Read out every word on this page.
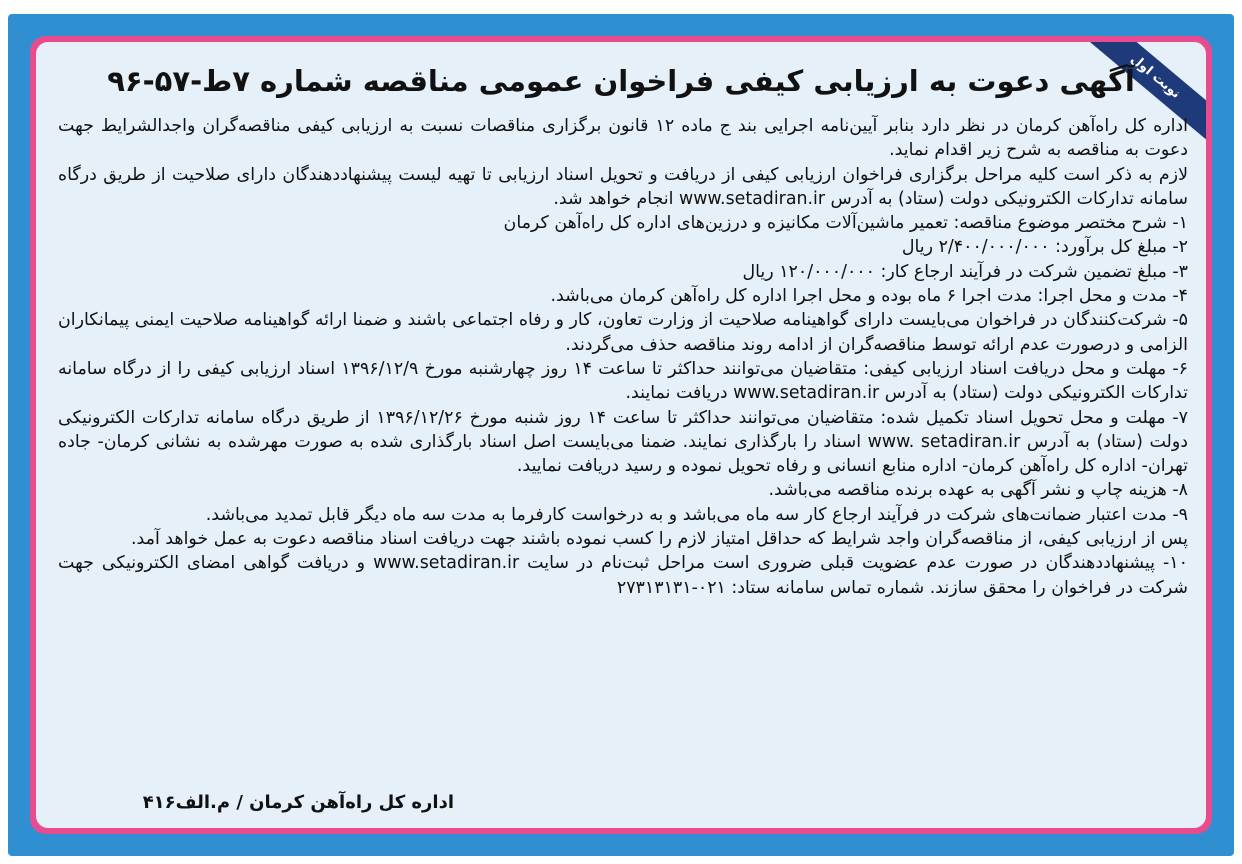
نوبت اول
آگهی دعوت به ارزیابی کیفی فراخوان عمومی مناقصه شماره ۷ط-۵۷-۹۶

اداره کل راه‌آهن کرمان در نظر دارد بنابر آیین‌نامه اجرایی بند ج ماده ۱۲ قانون برگزاری مناقصات نسبت به ارزیابی کیفی مناقصه‌گران واجدالشرایط جهت دعوت به مناقصه به شرح زیر اقدام نماید.

لازم به ذکر است کلیه مراحل برگزاری فراخوان ارزیابی کیفی از دریافت و تحویل اسناد ارزیابی تا تهیه لیست پیشنهاددهندگان دارای صلاحیت از طریق درگاه سامانه تدارکات الکترونیکی دولت (ستاد) به آدرس www.setadiran.ir انجام خواهد شد.

۱- شرح مختصر موضوع مناقصه: تعمیر ماشین‌آلات مکانیزه و درزین‌های اداره کل راه‌آهن کرمان

۲- مبلغ کل برآورد: ۲/۴۰۰/۰۰۰/۰۰۰ ریال

۳- مبلغ تضمین شرکت در فرآیند ارجاع کار: ۱۲۰/۰۰۰/۰۰۰ ریال

۴- مدت و محل اجرا: مدت اجرا ۶ ماه بوده و محل اجرا اداره کل راه‌آهن کرمان می‌باشد.

۵- شرکت‌کنندگان در فراخوان می‌بایست دارای گواهینامه صلاحیت از وزارت تعاون، کار و رفاه اجتماعی باشند و ضمنا ارائه گواهینامه صلاحیت ایمنی پیمانکاران الزامی و درصورت عدم ارائه توسط مناقصه‌گران از ادامه روند مناقصه حذف می‌گردند.

۶- مهلت و محل دریافت اسناد ارزیابی کیفی: متقاضیان می‌توانند حداکثر تا ساعت ۱۴ روز چهارشنبه مورخ ۱۳۹۶/۱۲/۹ اسناد ارزیابی کیفی را از درگاه سامانه تدارکات الکترونیکی دولت (ستاد) به آدرس www.setadiran.ir دریافت نمایند.

۷- مهلت و محل تحویل اسناد تکمیل شده: متقاضیان می‌توانند حداکثر تا ساعت ۱۴ روز شنبه مورخ ۱۳۹۶/۱۲/۲۶ از طریق درگاه سامانه تدارکات الکترونیکی دولت (ستاد) به آدرس www. setadiran.ir اسناد را بارگذاری نمایند. ضمنا می‌بایست اصل اسناد بارگذاری شده به صورت مهرشده به نشانی کرمان- جاده تهران- اداره کل راه‌آهن کرمان- اداره منابع انسانی و رفاه تحویل نموده و رسید دریافت نمایید.

۸- هزینه چاپ و نشر آگهی به عهده برنده مناقصه می‌باشد.

۹- مدت اعتبار ضمانت‌های شرکت در فرآیند ارجاع کار سه ماه می‌باشد و به درخواست کارفرما به مدت سه ماه دیگر قابل تمدید می‌باشد.

پس از ارزیابی کیفی، از مناقصه‌گران واجد شرایط که حداقل امتیاز لازم را کسب نموده باشند جهت دریافت اسناد مناقصه دعوت به عمل خواهد آمد.

۱۰- پیشنهاددهندگان در صورت عدم عضویت قبلی ضروری است مراحل ثبت‌نام در سایت www.setadiran.ir و دریافت گواهی امضای الکترونیکی جهت شرکت در فراخوان را محقق سازند. شماره تماس سامانه ستاد: ۰۲۱-۲۷۳۱۳۱۳۱

اداره کل راه‌آهن کرمان / م.الف۴۱۶
